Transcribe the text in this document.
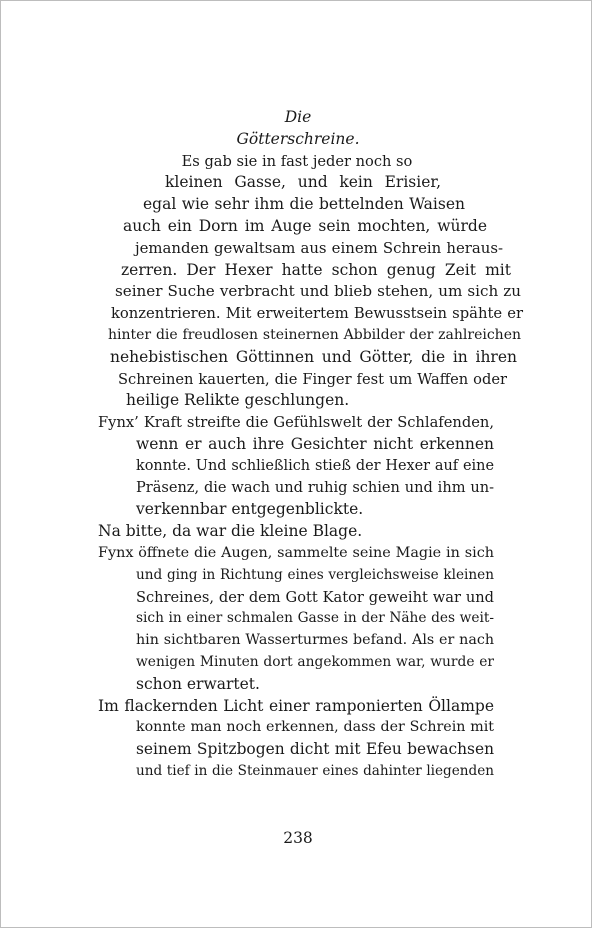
Die
Götterschreine.
Es gab sie in fast jeder noch so
kleinen Gasse, und kein Erisier,
egal wie sehr ihm die bettelnden Waisen
auch ein Dorn im Auge sein mochten, würde
jemanden gewaltsam aus einem Schrein heraus-
zerren. Der Hexer hatte schon genug Zeit mit
seiner Suche verbracht und blieb stehen, um sich zu
konzentrieren. Mit erweitertem Bewusstsein spähte er
hinter die freudlosen steinernen Abbilder der zahlreichen
nehebistischen Göttinnen und Götter, die in ihren
Schreinen kauerten, die Finger fest um Waffen oder
heilige Relikte geschlungen.
Fynx’ Kraft streifte die Gefühlswelt der Schlafenden,
wenn er auch ihre Gesichter nicht erkennen
konnte. Und schließlich stieß der Hexer auf eine
Präsenz, die wach und ruhig schien und ihm un-
verkennbar entgegenblickte.
Na bitte, da war die kleine Blage.
Fynx öffnete die Augen, sammelte seine Magie in sich
und ging in Richtung eines vergleichsweise kleinen
Schreines, der dem Gott Kator geweiht war und
sich in einer schmalen Gasse in der Nähe des weit-
hin sichtbaren Wasserturmes befand. Als er nach
wenigen Minuten dort angekommen war, wurde er
schon erwartet.
Im flackernden Licht einer ramponierten Öllampe
konnte man noch erkennen, dass der Schrein mit
seinem Spitzbogen dicht mit Efeu bewachsen
und tief in die Steinmauer eines dahinter liegenden
238
